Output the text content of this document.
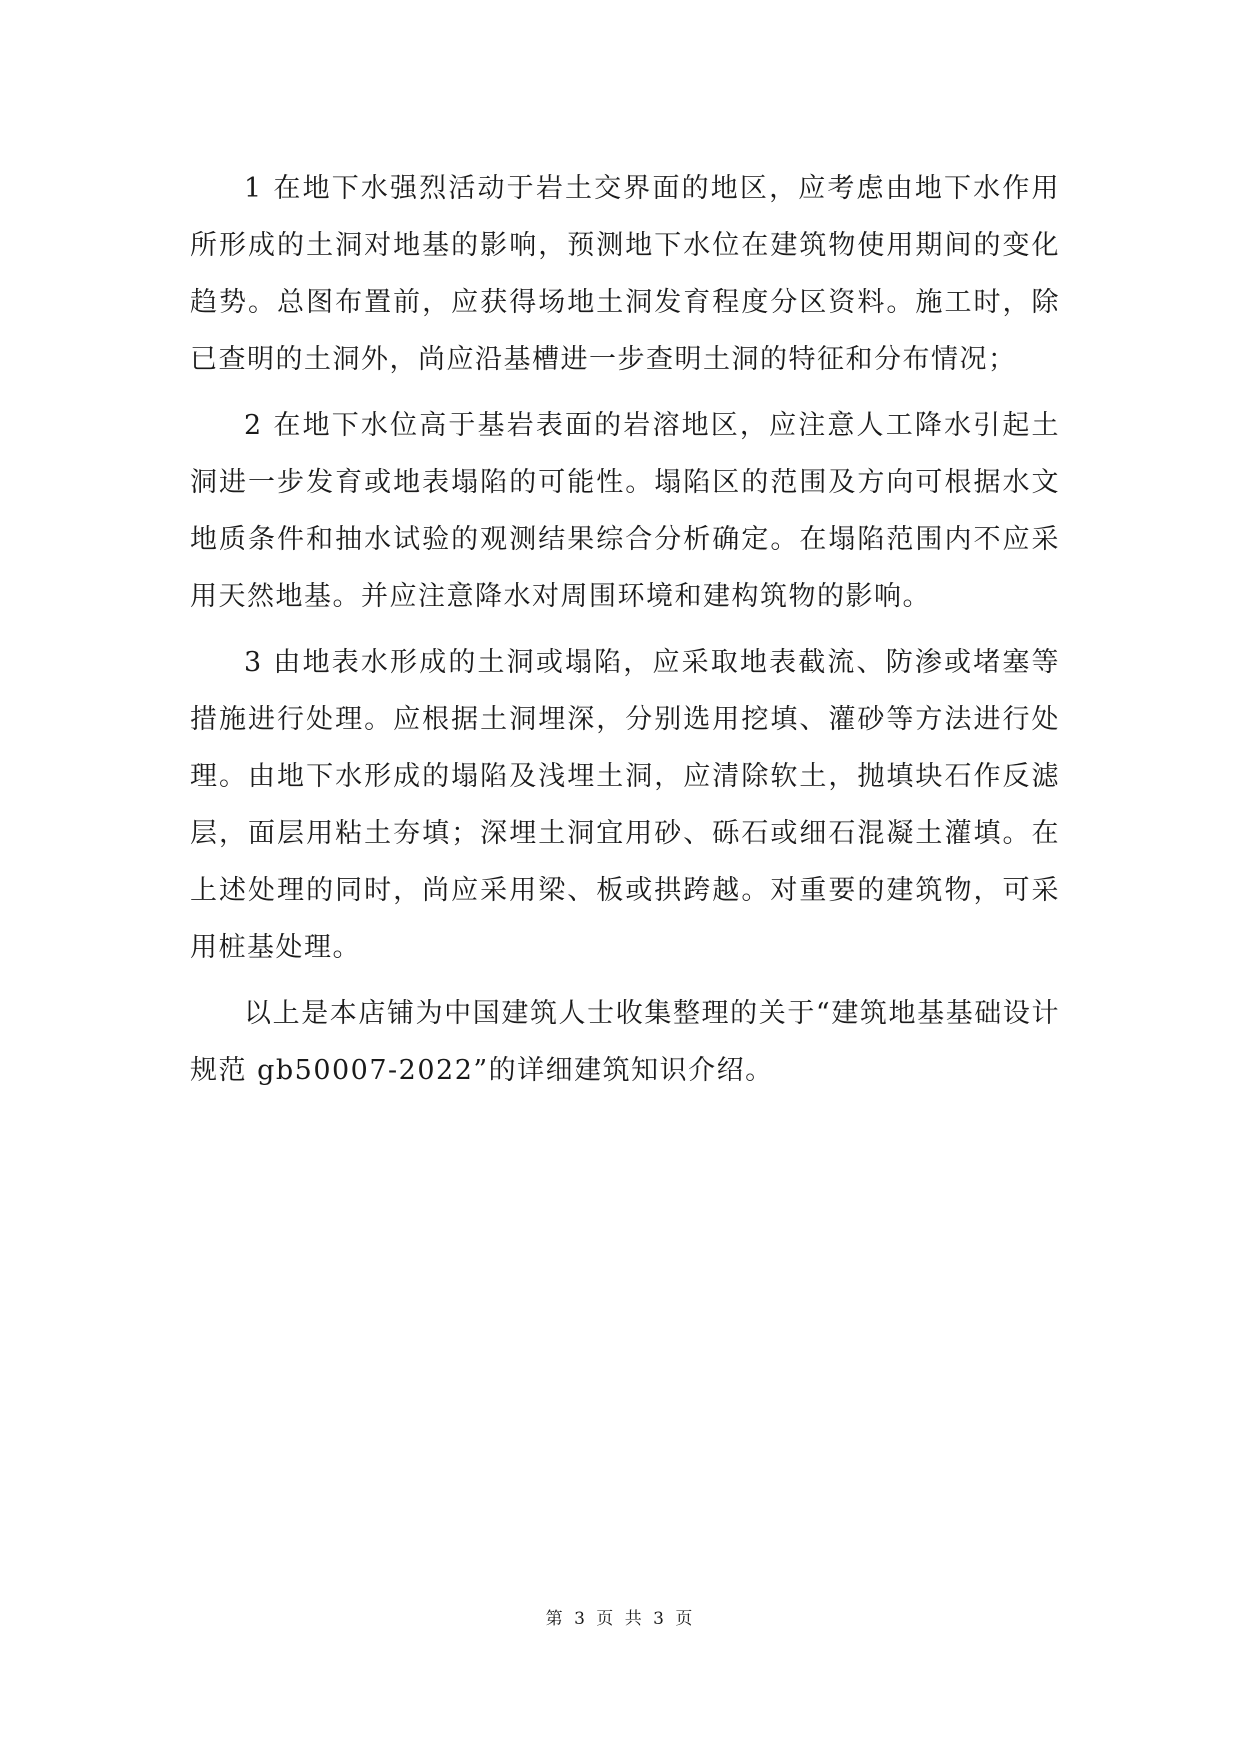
1 在地下水强烈活动于岩土交界面的地区，应考虑由地下水作用所形成的土洞对地基的影响，预测地下水位在建筑物使用期间的变化趋势。总图布置前，应获得场地土洞发育程度分区资料。施工时，除已查明的土洞外，尚应沿基槽进一步查明土洞的特征和分布情况；

2 在地下水位高于基岩表面的岩溶地区，应注意人工降水引起土洞进一步发育或地表塌陷的可能性。塌陷区的范围及方向可根据水文地质条件和抽水试验的观测结果综合分析确定。在塌陷范围内不应采用天然地基。并应注意降水对周围环境和建构筑物的影响。

3 由地表水形成的土洞或塌陷，应采取地表截流、防渗或堵塞等措施进行处理。应根据土洞埋深，分别选用挖填、灌砂等方法进行处理。由地下水形成的塌陷及浅埋土洞，应清除软土，抛填块石作反滤层，面层用粘土夯填；深埋土洞宜用砂、砾石或细石混凝土灌填。在上述处理的同时，尚应采用梁、板或拱跨越。对重要的建筑物，可采用桩基处理。

以上是本店铺为中国建筑人士收集整理的关于“建筑地基基础设计规范 gb50007-2022”的详细建筑知识介绍。

第 3 页 共 3 页
